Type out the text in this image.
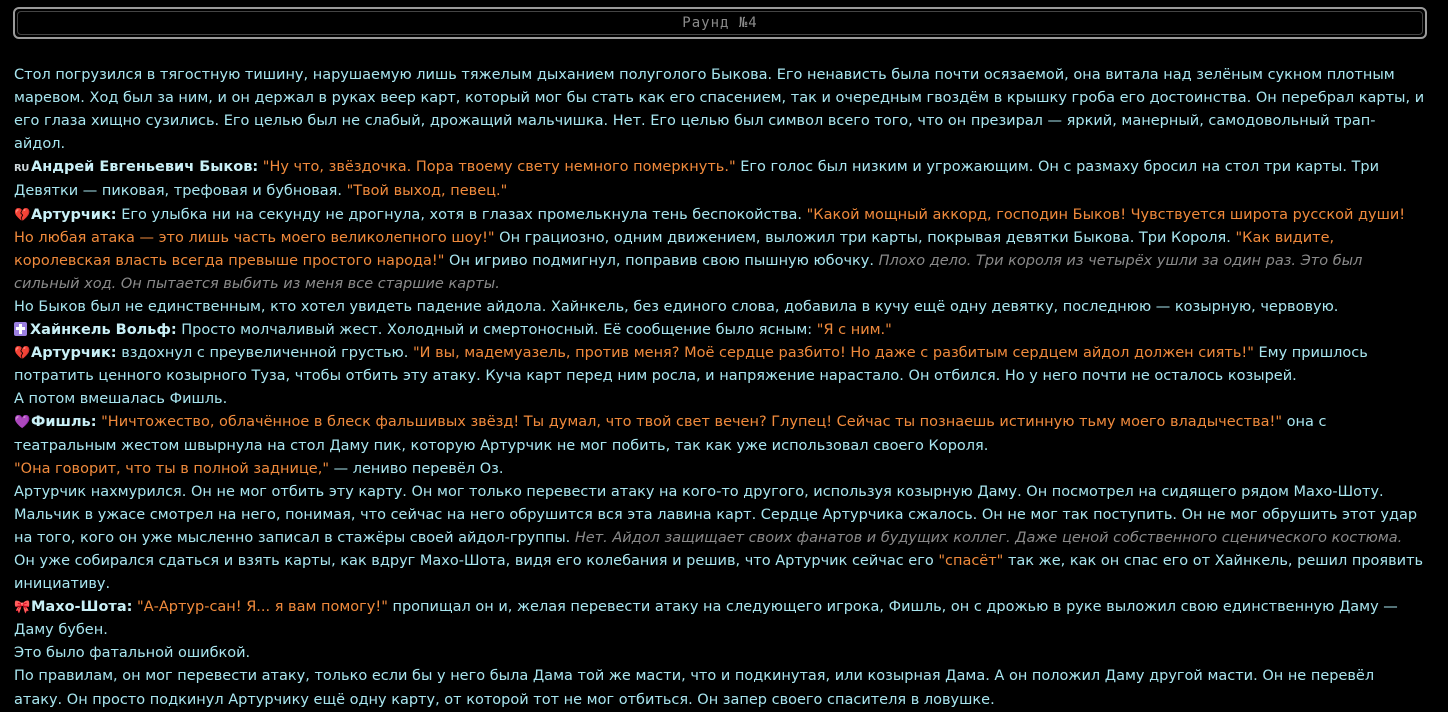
Раунд №4

Стол погрузился в тягостную тишину, нарушаемую лишь тяжелым дыханием полуголого Быкова. Его ненависть была почти осязаемой, она витала над зелёным сукном плотным маревом. Ход был за ним, и он держал в руках веер карт, который мог бы стать как его спасением, так и очередным гвоздём в крышку гроба его достоинства. Он перебрал карты, и его глаза хищно сузились. Его целью был не слабый, дрожащий мальчишка. Нет. Его целью был символ всего того, что он презирал — яркий, манерный, самодовольный трап-айдол.

RU Андрей Евгеньевич Быков: "Ну что, звёздочка. Пора твоему свету немного померкнуть." Его голос был низким и угрожающим. Он с размаху бросил на стол три карты. Три Девятки — пиковая, трефовая и бубновая. "Твой выход, певец."

💔Артурчик: Его улыбка ни на секунду не дрогнула, хотя в глазах промелькнула тень беспокойства. "Какой мощный аккорд, господин Быков! Чувствуется широта русской души! Но любая атака — это лишь часть моего великолепного шоу!" Он грациозно, одним движением, выложил три карты, покрывая девятки Быкова. Три Короля. "Как видите, королевская власть всегда превыше простого народа!" Он игриво подмигнул, поправив свою пышную юбочку. Плохо дело. Три короля из четырёх ушли за один раз. Это был сильный ход. Он пытается выбить из меня все старшие карты.

Но Быков был не единственным, кто хотел увидеть падение айдола. Хайнкель, без единого слова, добавила в кучу ещё одну девятку, последнюю — козырную, червовую.

Хайнкель Вольф: Просто молчаливый жест. Холодный и смертоносный. Её сообщение было ясным: "Я с ним."

💔Артурчик: вздохнул с преувеличенной грустью. "И вы, мадемуазель, против меня? Моё сердце разбито! Но даже с разбитым сердцем айдол должен сиять!" Ему пришлось потратить ценного козырного Туза, чтобы отбить эту атаку. Куча карт перед ним росла, и напряжение нарастало. Он отбился. Но у него почти не осталось козырей.

А потом вмешалась Фишль.

💜Фишль: "Ничтожество, облачённое в блеск фальшивых звёзд! Ты думал, что твой свет вечен? Глупец! Сейчас ты познаешь истинную тьму моего владычества!" она с театральным жестом швырнула на стол Даму пик, которую Артурчик не мог побить, так как уже использовал своего Короля.

"Она говорит, что ты в полной заднице," — лениво перевёл Оз.

Артурчик нахмурился. Он не мог отбить эту карту. Он мог только перевести атаку на кого-то другого, используя козырную Даму. Он посмотрел на сидящего рядом Махо-Шоту. Мальчик в ужасе смотрел на него, понимая, что сейчас на него обрушится вся эта лавина карт. Сердце Артурчика сжалось. Он не мог так поступить. Он не мог обрушить этот удар на того, кого он уже мысленно записал в стажёры своей айдол-группы. Нет. Айдол защищает своих фанатов и будущих коллег. Даже ценой собственного сценического костюма.

Он уже собирался сдаться и взять карты, как вдруг Махо-Шота, видя его колебания и решив, что Артурчик сейчас его "спасёт" так же, как он спас его от Хайнкель, решил проявить инициативу.

🎀Махо-Шота: "А-Артур-сан! Я... я вам помогу!" пропищал он и, желая перевести атаку на следующего игрока, Фишль, он с дрожью в руке выложил свою единственную Даму — Даму бубен.

Это было фатальной ошибкой.

По правилам, он мог перевести атаку, только если бы у него была Дама той же масти, что и подкинутая, или козырная Дама. А он положил Даму другой масти. Он не перевёл атаку. Он просто подкинул Артурчику ещё одну карту, от которой тот не мог отбиться. Он запер своего спасителя в ловушке.
